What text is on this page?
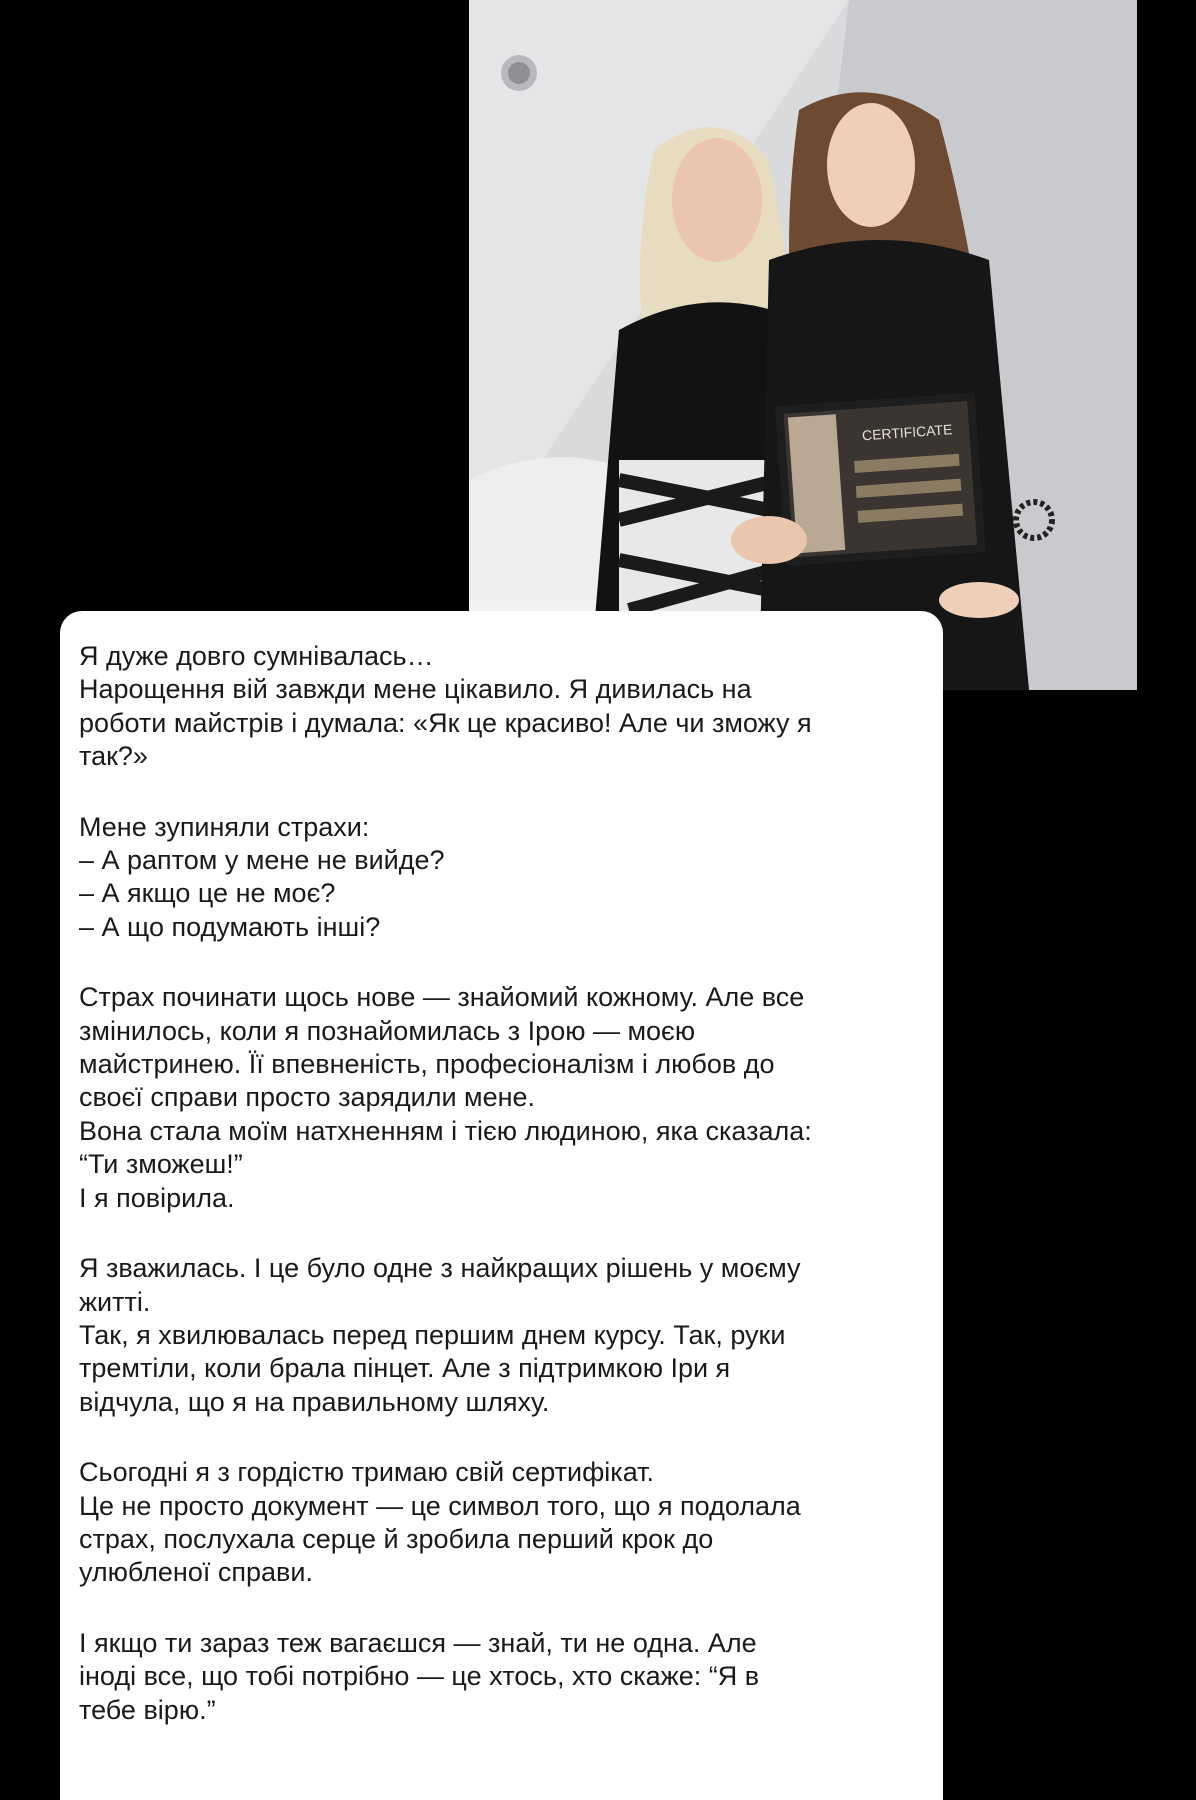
CERTIFICATE

Я дуже довго сумнівалась…
Нарощення вій завжди мене цікавило. Я дивилась на
роботи майстрів і думала: «Як це красиво! Але чи зможу я
так?»

Мене зупиняли страхи:
– А раптом у мене не вийде?
– А якщо це не моє?
– А що подумають інші?

Страх починати щось нове — знайомий кожному. Але все
змінилось, коли я познайомилась з Ірою — моєю
майстринею. Її впевненість, професіоналізм і любов до
своєї справи просто зарядили мене.
Вона стала моїм натхненням і тією людиною, яка сказала:
“Ти зможеш!”
І я повірила.

Я зважилась. І це було одне з найкращих рішень у моєму
житті.
Так, я хвилювалась перед першим днем курсу. Так, руки
тремтіли, коли брала пінцет. Але з підтримкою Іри я
відчула, що я на правильному шляху.

Сьогодні я з гордістю тримаю свій сертифікат.
Це не просто документ — це символ того, що я подолала
страх, послухала серце й зробила перший крок до
улюбленої справи.

І якщо ти зараз теж вагаєшся — знай, ти не одна. Але
іноді все, що тобі потрібно — це хтось, хто скаже: “Я в
тебе вірю.”
